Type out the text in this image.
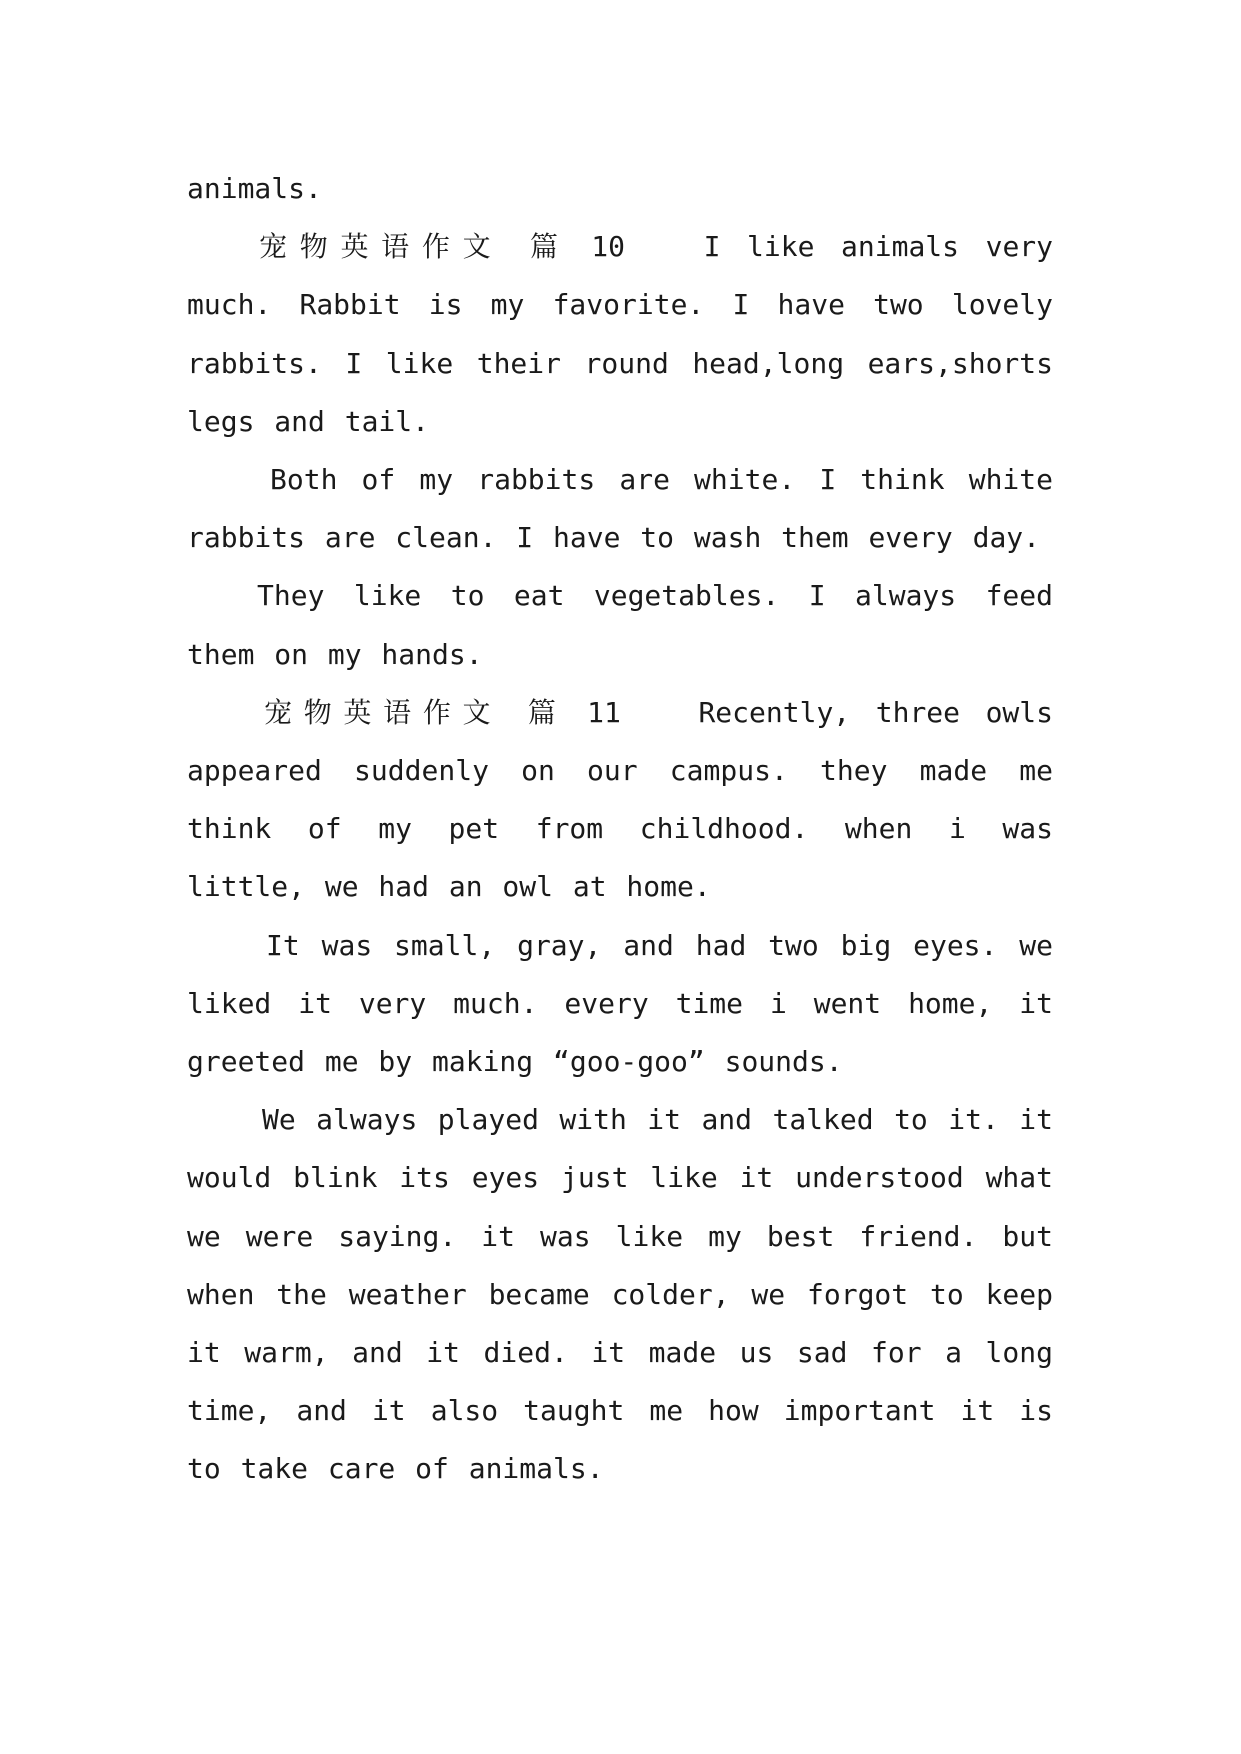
animals.

宠物英语作文 篇 10	I like animals very much. Rabbit is my favorite. I have two lovely rabbits. I like their round head,long ears,shorts legs and tail.

Both of my rabbits are white. I think white rabbits are clean. I have to wash them every day.

They like to eat vegetables. I always feed them on my hands.

宠物英语作文 篇 11	Recently, three owls appeared suddenly on our campus. they made me think of my pet from childhood. when i was little, we had an owl at home.

It was small, gray, and had two big eyes. we liked it very much. every time i went home, it greeted me by making “goo-goo” sounds.

We always played with it and talked to it. it would blink its eyes just like it understood what we were saying. it was like my best friend. but when the weather became colder, we forgot to keep it warm, and it died. it made us sad for a long time, and it also taught me how important it is to take care of animals.
